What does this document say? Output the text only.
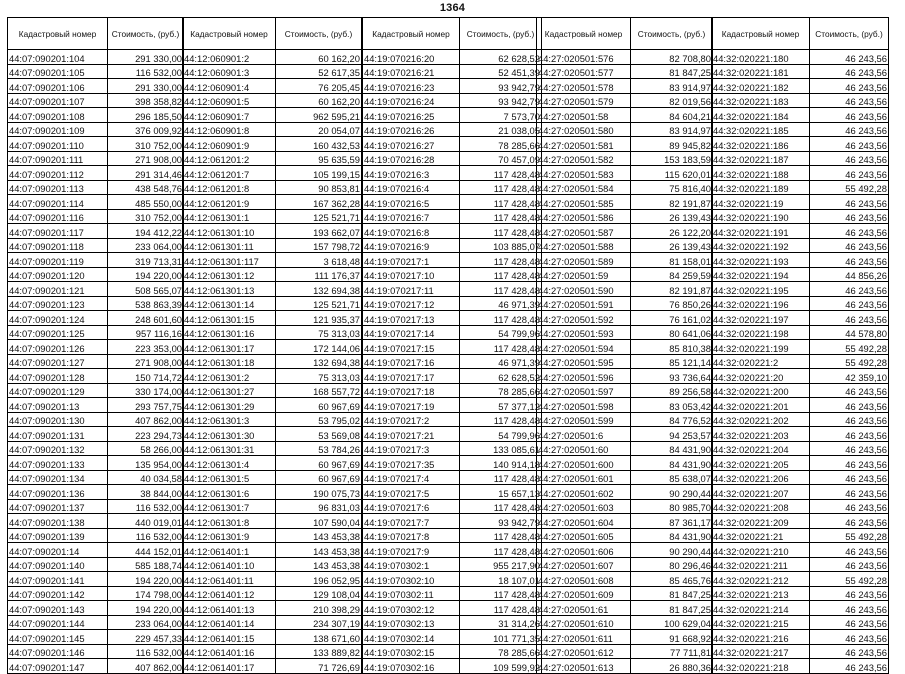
1364
Кадастровый номер	Стоимость, (руб.)
44:07:090201:104	291 330,00
44:07:090201:105	116 532,00
44:07:090201:106	291 330,00
44:07:090201:107	398 358,82
44:07:090201:108	296 185,50
44:07:090201:109	376 009,92
44:07:090201:110	310 752,00
44:07:090201:111	271 908,00
44:07:090201:112	291 314,46
44:07:090201:113	438 548,76
44:07:090201:114	485 550,00
44:07:090201:116	310 752,00
44:07:090201:117	194 412,22
44:07:090201:118	233 064,00
44:07:090201:119	319 713,31
44:07:090201:120	194 220,00
44:07:090201:121	508 565,07
44:07:090201:123	538 863,39
44:07:090201:124	248 601,60
44:07:090201:125	957 116,16
44:07:090201:126	223 353,00
44:07:090201:127	271 908,00
44:07:090201:128	150 714,72
44:07:090201:129	330 174,00
44:07:090201:13	293 757,75
44:07:090201:130	407 862,00
44:07:090201:131	223 294,73
44:07:090201:132	58 266,00
44:07:090201:133	135 954,00
44:07:090201:134	40 034,58
44:07:090201:136	38 844,00
44:07:090201:137	116 532,00
44:07:090201:138	440 019,01
44:07:090201:139	116 532,00
44:07:090201:14	444 152,01
44:07:090201:140	585 188,74
44:07:090201:141	194 220,00
44:07:090201:142	174 798,00
44:07:090201:143	194 220,00
44:07:090201:144	233 064,00
44:07:090201:145	229 457,33
44:07:090201:146	116 532,00
44:07:090201:147	407 862,00
Кадастровый номер	Стоимость, (руб.)
44:12:060901:2	60 162,20
44:12:060901:3	52 617,35
44:12:060901:4	76 205,45
44:12:060901:5	60 162,20
44:12:060901:7	962 595,21
44:12:060901:8	20 054,07
44:12:060901:9	160 432,53
44:12:061201:2	95 635,59
44:12:061201:7	105 199,15
44:12:061201:8	90 853,81
44:12:061201:9	167 362,28
44:12:061301:1	125 521,71
44:12:061301:10	193 662,07
44:12:061301:11	157 798,72
44:12:061301:117	3 618,48
44:12:061301:12	111 176,37
44:12:061301:13	132 694,38
44:12:061301:14	125 521,71
44:12:061301:15	121 935,37
44:12:061301:16	75 313,03
44:12:061301:17	172 144,06
44:12:061301:18	132 694,38
44:12:061301:2	75 313,03
44:12:061301:27	168 557,72
44:12:061301:29	60 967,69
44:12:061301:3	53 795,02
44:12:061301:30	53 569,08
44:12:061301:31	53 784,26
44:12:061301:4	60 967,69
44:12:061301:5	60 967,69
44:12:061301:6	190 075,73
44:12:061301:7	96 831,03
44:12:061301:8	107 590,04
44:12:061301:9	143 453,38
44:12:061401:1	143 453,38
44:12:061401:10	143 453,38
44:12:061401:11	196 052,95
44:12:061401:12	129 108,04
44:12:061401:13	210 398,29
44:12:061401:14	234 307,19
44:12:061401:15	138 671,60
44:12:061401:16	133 889,82
44:12:061401:17	71 726,69
Кадастровый номер	Стоимость, (руб.)
44:19:070216:20	62 628,52
44:19:070216:21	52 451,39
44:19:070216:23	93 942,79
44:19:070216:24	93 942,79
44:19:070216:25	7 573,70
44:19:070216:26	21 038,05
44:19:070216:27	78 285,66
44:19:070216:28	70 457,09
44:19:070216:3	117 428,48
44:19:070216:4	117 428,48
44:19:070216:5	117 428,48
44:19:070216:7	117 428,48
44:19:070216:8	117 428,48
44:19:070216:9	103 885,07
44:19:070217:1	117 428,48
44:19:070217:10	117 428,48
44:19:070217:11	117 428,48
44:19:070217:12	46 971,39
44:19:070217:13	117 428,48
44:19:070217:14	54 799,96
44:19:070217:15	117 428,48
44:19:070217:16	46 971,39
44:19:070217:17	62 628,52
44:19:070217:18	78 285,66
44:19:070217:19	57 377,12
44:19:070217:2	117 428,48
44:19:070217:21	54 799,96
44:19:070217:3	133 085,61
44:19:070217:35	140 914,18
44:19:070217:4	117 428,48
44:19:070217:5	15 657,13
44:19:070217:6	117 428,48
44:19:070217:7	93 942,79
44:19:070217:8	117 428,48
44:19:070217:9	117 428,48
44:19:070302:1	955 217,90
44:19:070302:10	18 107,01
44:19:070302:11	117 428,48
44:19:070302:12	117 428,48
44:19:070302:13	31 314,26
44:19:070302:14	101 771,35
44:19:070302:15	78 285,66
44:19:070302:16	109 599,92
Кадастровый номер	Стоимость, (руб.)
44:27:020501:576	82 708,80
44:27:020501:577	81 847,25
44:27:020501:578	83 914,97
44:27:020501:579	82 019,56
44:27:020501:58	84 604,21
44:27:020501:580	83 914,97
44:27:020501:581	89 945,82
44:27:020501:582	153 183,59
44:27:020501:583	115 620,01
44:27:020501:584	75 816,40
44:27:020501:585	82 191,87
44:27:020501:586	26 139,43
44:27:020501:587	26 122,20
44:27:020501:588	26 139,43
44:27:020501:589	81 158,01
44:27:020501:59	84 259,59
44:27:020501:590	82 191,87
44:27:020501:591	76 850,26
44:27:020501:592	76 161,02
44:27:020501:593	80 641,06
44:27:020501:594	85 810,38
44:27:020501:595	85 121,14
44:27:020501:596	93 736,64
44:27:020501:597	89 256,58
44:27:020501:598	83 053,42
44:27:020501:599	84 776,52
44:27:020501:6	94 253,57
44:27:020501:60	84 431,90
44:27:020501:600	84 431,90
44:27:020501:601	85 638,07
44:27:020501:602	90 290,44
44:27:020501:603	80 985,70
44:27:020501:604	87 361,17
44:27:020501:605	84 431,90
44:27:020501:606	90 290,44
44:27:020501:607	80 296,46
44:27:020501:608	85 465,76
44:27:020501:609	81 847,25
44:27:020501:61	81 847,25
44:27:020501:610	100 629,04
44:27:020501:611	91 668,92
44:27:020501:612	77 711,81
44:27:020501:613	26 880,36
Кадастровый номер	Стоимость, (руб.)
44:32:020221:180	46 243,56
44:32:020221:181	46 243,56
44:32:020221:182	46 243,56
44:32:020221:183	46 243,56
44:32:020221:184	46 243,56
44:32:020221:185	46 243,56
44:32:020221:186	46 243,56
44:32:020221:187	46 243,56
44:32:020221:188	46 243,56
44:32:020221:189	55 492,28
44:32:020221:19	46 243,56
44:32:020221:190	46 243,56
44:32:020221:191	46 243,56
44:32:020221:192	46 243,56
44:32:020221:193	46 243,56
44:32:020221:194	44 856,26
44:32:020221:195	46 243,56
44:32:020221:196	46 243,56
44:32:020221:197	46 243,56
44:32:020221:198	44 578,80
44:32:020221:199	55 492,28
44:32:020221:2	55 492,28
44:32:020221:20	42 359,10
44:32:020221:200	46 243,56
44:32:020221:201	46 243,56
44:32:020221:202	46 243,56
44:32:020221:203	46 243,56
44:32:020221:204	46 243,56
44:32:020221:205	46 243,56
44:32:020221:206	46 243,56
44:32:020221:207	46 243,56
44:32:020221:208	46 243,56
44:32:020221:209	46 243,56
44:32:020221:21	55 492,28
44:32:020221:210	46 243,56
44:32:020221:211	46 243,56
44:32:020221:212	55 492,28
44:32:020221:213	46 243,56
44:32:020221:214	46 243,56
44:32:020221:215	46 243,56
44:32:020221:216	46 243,56
44:32:020221:217	46 243,56
44:32:020221:218	46 243,56
